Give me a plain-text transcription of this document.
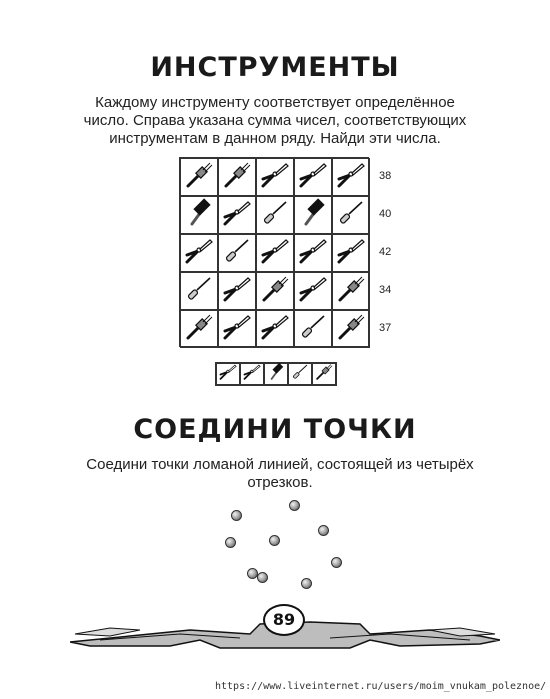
ИНСТРУМЕНТЫ
Каждому инструменту соответствует определённое
число. Справа указана сумма чисел, соответствующих
инструментам в данном ряду. Найди эти числа.
38
40
42
34
37
СОЕДИНИ ТОЧКИ
Соедини точки ломаной линией, состоящей из четырёх
отрезков.
89
https://www.liveinternet.ru/users/moim_vnukam_poleznoe/
